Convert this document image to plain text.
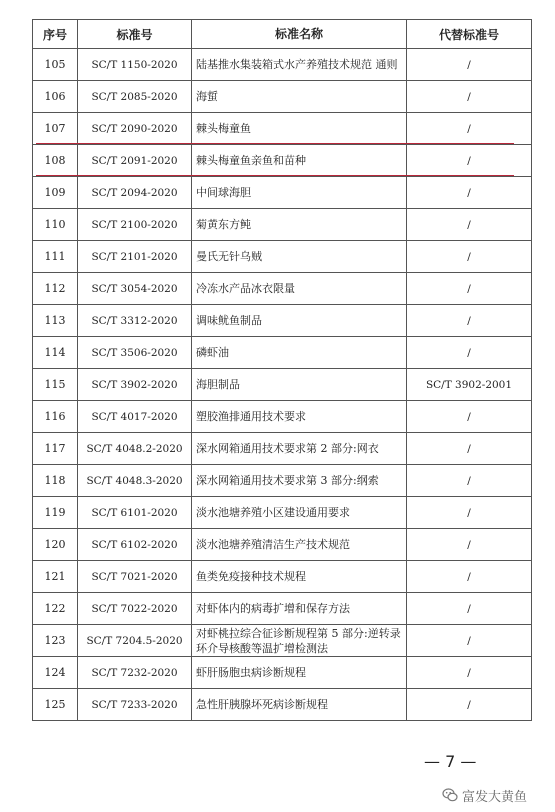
序号	标准号	标准名称	代替标准号
105	SC/T 1150-2020	陆基推水集装箱式水产养殖技术规范 通则	/
106	SC/T 2085-2020	海蜇	/
107	SC/T 2090-2020	棘头梅童鱼	/
108	SC/T 2091-2020	棘头梅童鱼亲鱼和苗种	/
109	SC/T 2094-2020	中间球海胆	/
110	SC/T 2100-2020	菊黄东方鲀	/
111	SC/T 2101-2020	曼氏无针乌贼	/
112	SC/T 3054-2020	冷冻水产品冰衣限量	/
113	SC/T 3312-2020	调味鱿鱼制品	/
114	SC/T 3506-2020	磷虾油	/
115	SC/T 3902-2020	海胆制品	SC/T 3902-2001
116	SC/T 4017-2020	塑胶渔排通用技术要求	/
117	SC/T 4048.2-2020	深水网箱通用技术要求第 2 部分:网衣	/
118	SC/T 4048.3-2020	深水网箱通用技术要求第 3 部分:纲索	/
119	SC/T 6101-2020	淡水池塘养殖小区建设通用要求	/
120	SC/T 6102-2020	淡水池塘养殖清洁生产技术规范	/
121	SC/T 7021-2020	鱼类免疫接种技术规程	/
122	SC/T 7022-2020	对虾体内的病毒扩增和保存方法	/
123	SC/T 7204.5-2020	对虾桃拉综合征诊断规程第 5 部分:逆转录环介导核酸等温扩增检测法	/
124	SC/T 7232-2020	虾肝肠胞虫病诊断规程	/
125	SC/T 7233-2020	急性肝胰腺坏死病诊断规程	/
— 7 —
富发大黄鱼
